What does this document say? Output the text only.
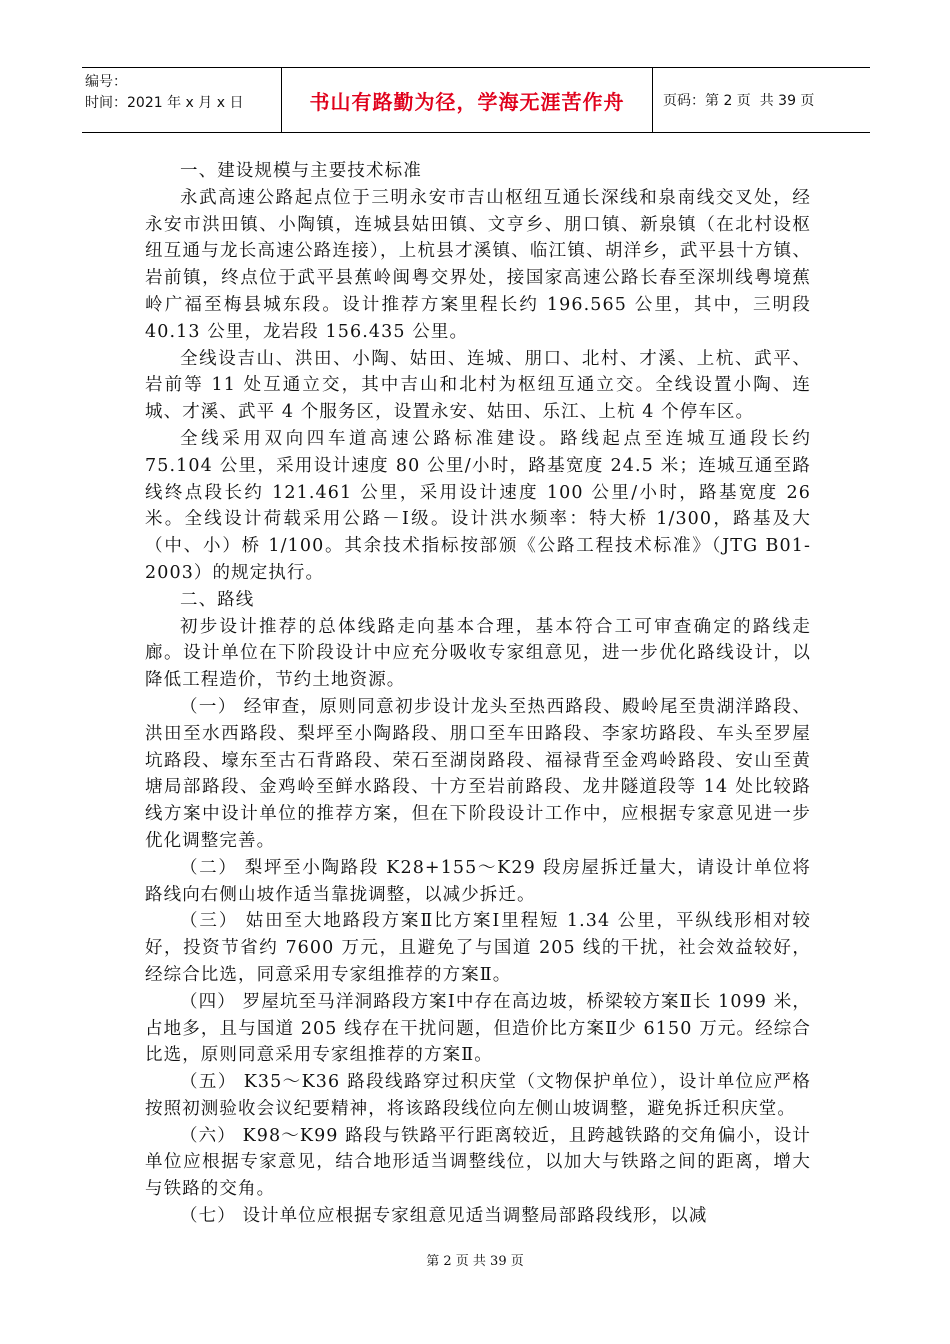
编号：
时间：2021 年 x 月 x 日	书山有路勤为径，学海无涯苦作舟	页码：第 2 页  共 39 页

一、建设规模与主要技术标准

永武高速公路起点位于三明永安市吉山枢纽互通长深线和泉南线交叉处，经永安市洪田镇、小陶镇，连城县姑田镇、文亨乡、朋口镇、新泉镇（在北村设枢纽互通与龙长高速公路连接），上杭县才溪镇、临江镇、胡洋乡，武平县十方镇、岩前镇，终点位于武平县蕉岭闽粤交界处，接国家高速公路长春至深圳线粤境蕉岭广福至梅县城东段。设计推荐方案里程长约 196.565 公里，其中，三明段 40.13 公里，龙岩段 156.435 公里。

全线设吉山、洪田、小陶、姑田、连城、朋口、北村、才溪、上杭、武平、岩前等 11 处互通立交，其中吉山和北村为枢纽互通立交。全线设置小陶、连城、才溪、武平 4 个服务区，设置永安、姑田、乐江、上杭 4 个停车区。

全线采用双向四车道高速公路标准建设。路线起点至连城互通段长约 75.104 公里，采用设计速度 80 公里/小时，路基宽度 24.5 米；连城互通至路线终点段长约 121.461 公里，采用设计速度 100 公里/小时，路基宽度 26 米。全线设计荷载采用公路－Ⅰ级。设计洪水频率：特大桥 1/300，路基及大（中、小）桥 1/100。其余技术指标按部颁《公路工程技术标准》（JTG B01-2003）的规定执行。

二、路线

初步设计推荐的总体线路走向基本合理，基本符合工可审查确定的路线走廊。设计单位在下阶段设计中应充分吸收专家组意见，进一步优化路线设计，以降低工程造价，节约土地资源。

（一） 经审查，原则同意初步设计龙头至热西路段、殿岭尾至贵湖洋路段、洪田至水西路段、梨坪至小陶路段、朋口至车田路段、李家坊路段、车头至罗屋坑路段、壕东至古石背路段、荣石至湖岗路段、福禄背至金鸡岭路段、安山至黄塘局部路段、金鸡岭至鲜水路段、十方至岩前路段、龙井隧道段等 14 处比较路线方案中设计单位的推荐方案，但在下阶段设计工作中，应根据专家意见进一步优化调整完善。

（二） 梨坪至小陶路段 K28+155～K29 段房屋拆迁量大，请设计单位将路线向右侧山坡作适当靠拢调整，以减少拆迁。

（三） 姑田至大地路段方案Ⅱ比方案Ⅰ里程短 1.34 公里，平纵线形相对较好，投资节省约 7600 万元，且避免了与国道 205 线的干扰，社会效益较好，经综合比选，同意采用专家组推荐的方案Ⅱ。

（四） 罗屋坑至马洋洞路段方案Ⅰ中存在高边坡，桥梁较方案Ⅱ长 1099 米，占地多，且与国道 205 线存在干扰问题，但造价比方案Ⅱ少 6150 万元。经综合比选，原则同意采用专家组推荐的方案Ⅱ。

（五） K35～K36 路段线路穿过积庆堂（文物保护单位），设计单位应严格按照初测验收会议纪要精神，将该路段线位向左侧山坡调整，避免拆迁积庆堂。

（六） K98～K99 路段与铁路平行距离较近，且跨越铁路的交角偏小，设计单位应根据专家意见，结合地形适当调整线位，以加大与铁路之间的距离，增大与铁路的交角。

（七） 设计单位应根据专家组意见适当调整局部路段线形，以减

第 2 页 共 39 页
